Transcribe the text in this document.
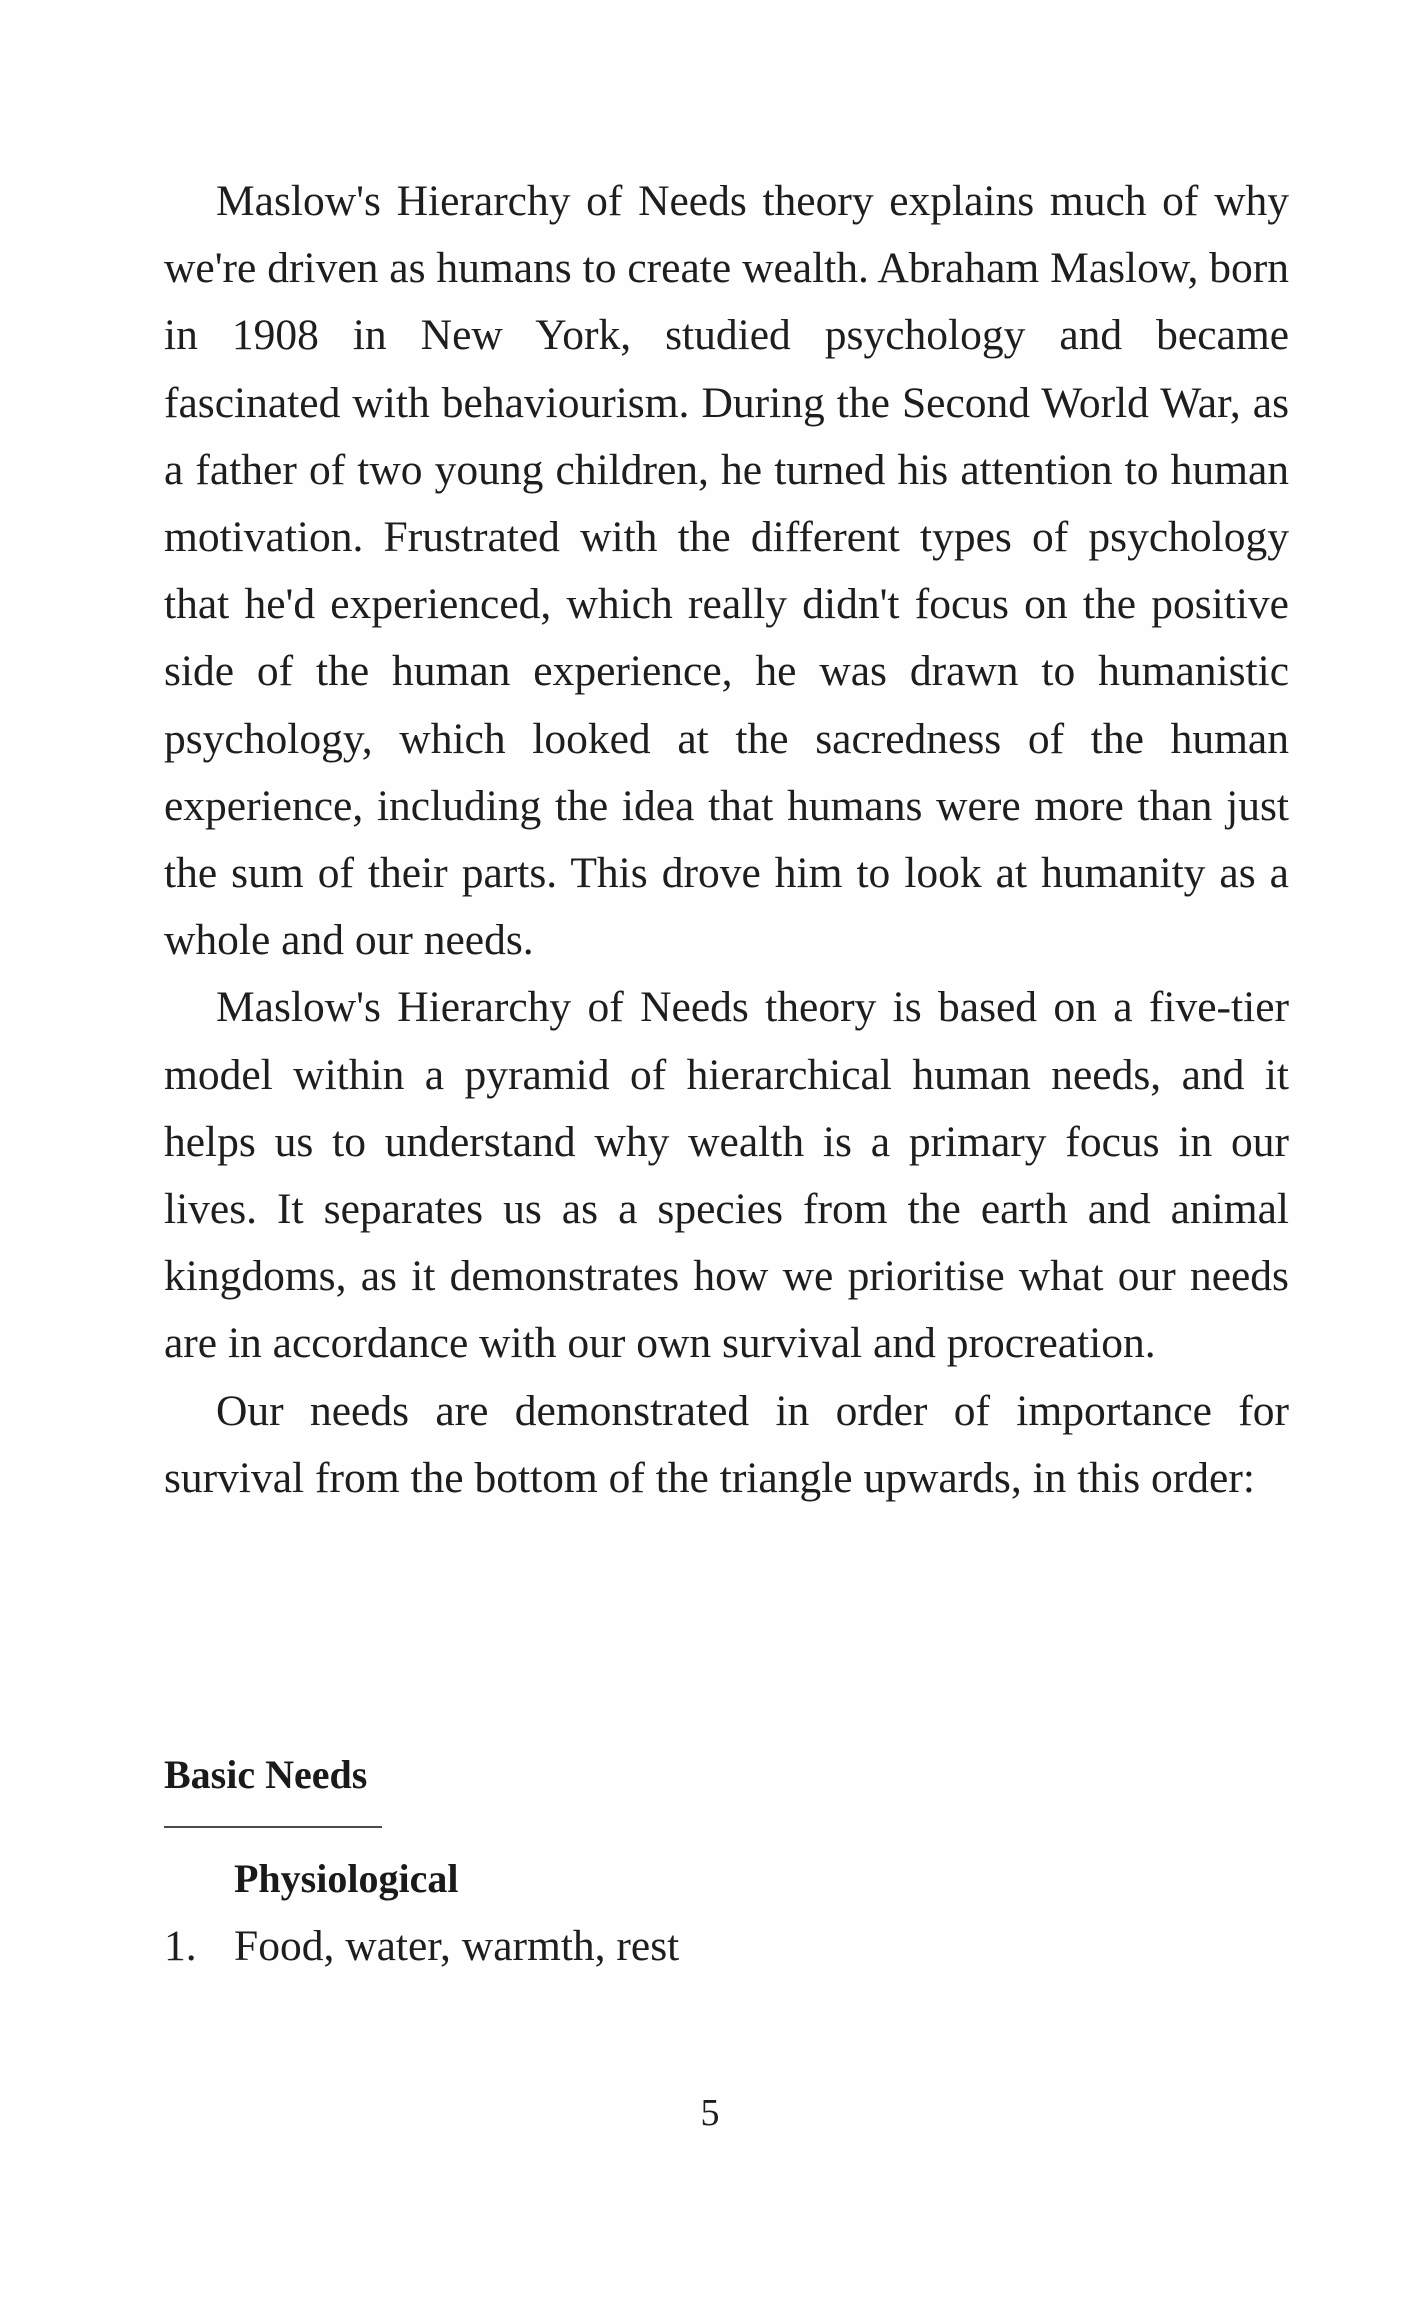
Maslow's Hierarchy of Needs theory explains much of why we're driven as humans to create wealth. Abraham Maslow, born in 1908 in New York, studied psychology and became fascinated with behaviourism. During the Second World War, as a father of two young children, he turned his attention to human motivation. Frustrated with the different types of psychology that he'd experienced, which really didn't focus on the positive side of the human experience, he was drawn to humanistic psychology, which looked at the sacredness of the human experience, including the idea that humans were more than just the sum of their parts. This drove him to look at humanity as a whole and our needs.

Maslow's Hierarchy of Needs theory is based on a five-tier model within a pyramid of hierarchical human needs, and it helps us to understand why wealth is a primary focus in our lives. It separates us as a species from the earth and animal kingdoms, as it demonstrates how we prioritise what our needs are in accordance with our own survival and procreation.

Our needs are demonstrated in order of importance for survival from the bottom of the triangle upwards, in this order:

Basic Needs
Physiological
1. Food, water, warmth, rest
5
